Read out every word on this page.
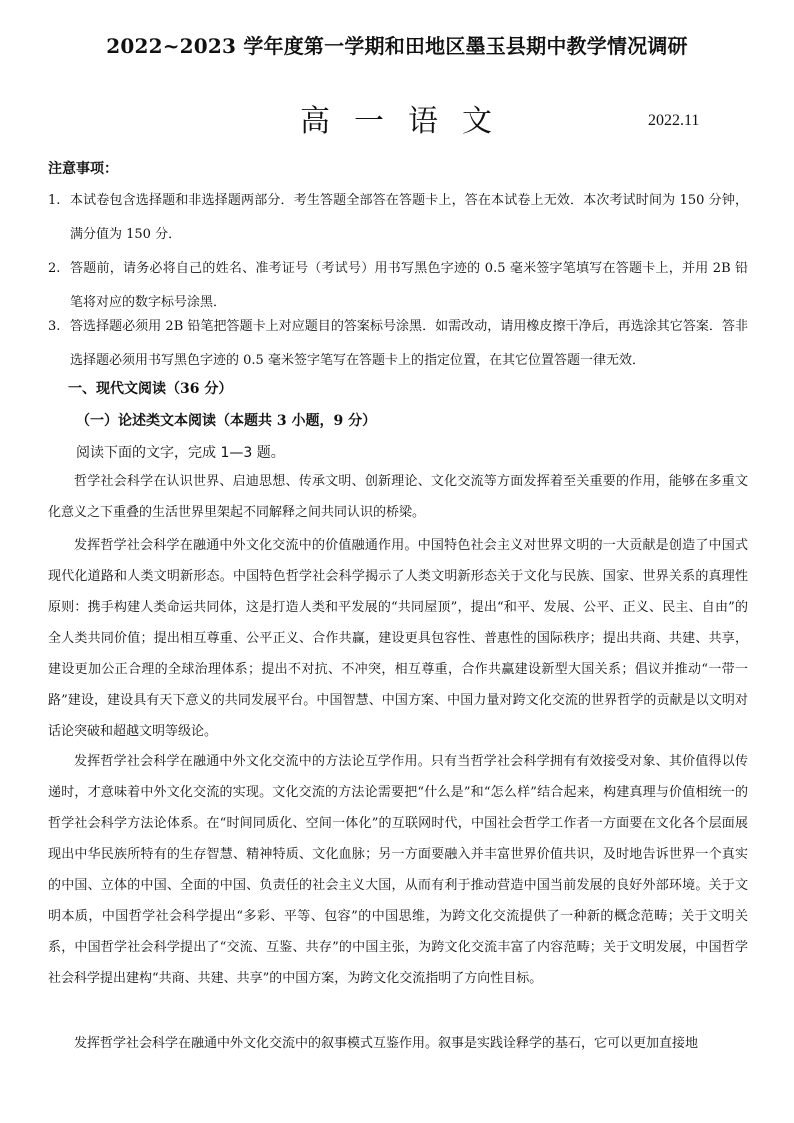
2022~2023 学年度第一学期和田地区墨玉县期中教学情况调研
高一语文	2022.11
注意事项：
1. 本试卷包含选择题和非选择题两部分．考生答题全部答在答题卡上，答在本试卷上无效．本次考试时间为 150 分钟，满分值为 150 分．
2. 答题前，请务必将自己的姓名、准考证号（考试号）用书写黑色字迹的 0.5 毫米签字笔填写在答题卡上，并用 2B 铅笔将对应的数字标号涂黑．
3. 答选择题必须用 2B 铅笔把答题卡上对应题目的答案标号涂黑．如需改动，请用橡皮擦干净后，再选涂其它答案．答非选择题必须用书写黑色字迹的 0.5 毫米签字笔写在答题卡上的指定位置，在其它位置答题一律无效．
一、现代文阅读（36 分）
（一）论述类文本阅读（本题共 3 小题，9 分）
阅读下面的文字，完成 1—3 题。

哲学社会科学在认识世界、启迪思想、传承文明、创新理论、文化交流等方面发挥着至关重要的作用，能够在多重文化意义之下重叠的生活世界里架起不同解释之间共同认识的桥梁。

发挥哲学社会科学在融通中外文化交流中的价值融通作用。中国特色社会主义对世界文明的一大贡献是创造了中国式现代化道路和人类文明新形态。中国特色哲学社会科学揭示了人类文明新形态关于文化与民族、国家、世界关系的真理性原则：携手构建人类命运共同体，这是打造人类和平发展的“共同屋顶”，提出“和平、发展、公平、正义、民主、自由”的全人类共同价值；提出相互尊重、公平正义、合作共赢，建设更具包容性、普惠性的国际秩序；提出共商、共建、共享，建设更加公正合理的全球治理体系；提出不对抗、不冲突，相互尊重，合作共赢建设新型大国关系；倡议并推动“一带一路”建设，建设具有天下意义的共同发展平台。中国智慧、中国方案、中国力量对跨文化交流的世界哲学的贡献是以文明对话论突破和超越文明等级论。

发挥哲学社会科学在融通中外文化交流中的方法论互学作用。只有当哲学社会科学拥有有效接受对象、其价值得以传递时，才意味着中外文化交流的实现。文化交流的方法论需要把“什么是”和“怎么样”结合起来，构建真理与价值相统一的哲学社会科学方法论体系。在“时间同质化、空间一体化”的互联网时代，中国社会哲学工作者一方面要在文化各个层面展现出中华民族所特有的生存智慧、精神特质、文化血脉；另一方面要融入并丰富世界价值共识，及时地告诉世界一个真实的中国、立体的中国、全面的中国、负责任的社会主义大国，从而有利于推动营造中国当前发展的良好外部环境。关于文明本质，中国哲学社会科学提出“多彩、平等、包容”的中国思维，为跨文化交流提供了一种新的概念范畴；关于文明关系，中国哲学社会科学提出了“交流、互鉴、共存”的中国主张，为跨文化交流丰富了内容范畴；关于文明发展，中国哲学社会科学提出建构“共商、共建、共享”的中国方案，为跨文化交流指明了方向性目标。

发挥哲学社会科学在融通中外文化交流中的叙事模式互鉴作用。叙事是实践诠释学的基石，它可以更加直接地
